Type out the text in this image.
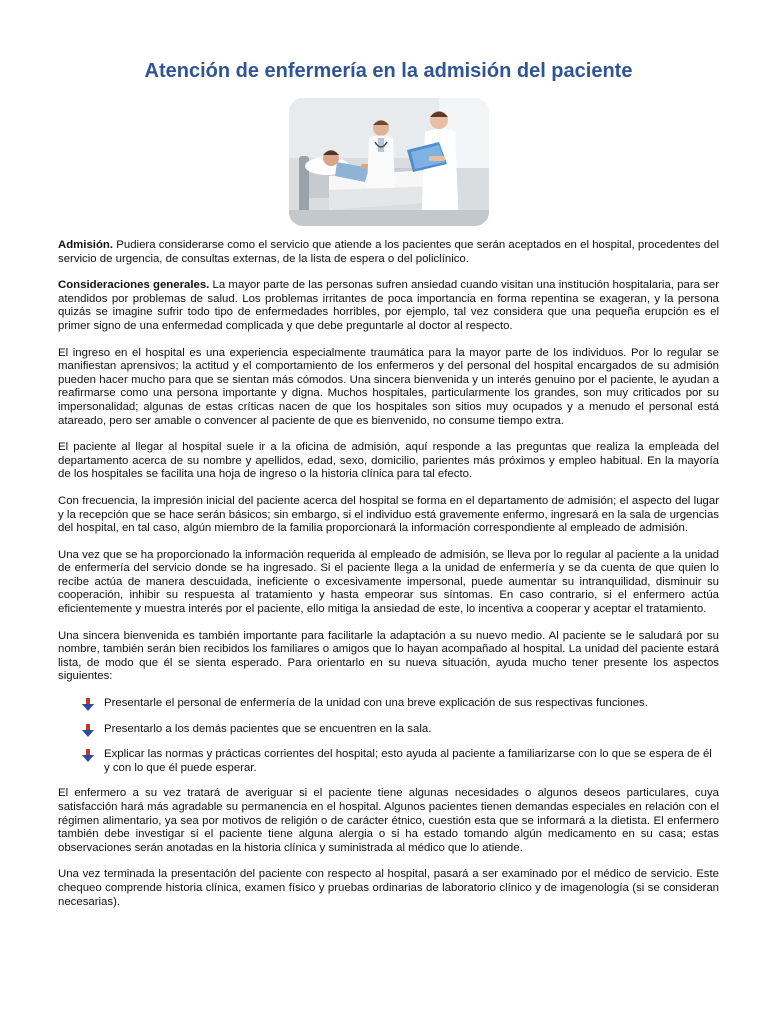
Atención de enfermería en la admisión del paciente

Admisión. Pudiera considerarse como el servicio que atiende a los pacientes que serán aceptados en el hospital, procedentes del servicio de urgencia, de consultas externas, de la lista de espera o del policlínico.

Consideraciones generales. La mayor parte de las personas sufren ansiedad cuando visitan una institución hospitalaria, para ser atendidos por problemas de salud. Los problemas irritantes de poca importancia en forma repentina se exageran, y la persona quizás se imagine sufrir todo tipo de enfermedades horribles, por ejemplo, tal vez considera que una pequeña erupción es el primer signo de una enfermedad complicada y que debe preguntarle al doctor al respecto.

El ingreso en el hospital es una experiencia especialmente traumática para la mayor parte de los individuos. Por lo regular se manifiestan aprensivos; la actitud y el comportamiento de los enfermeros y del personal del hospital encargados de su admisión pueden hacer mucho para que se sientan más cómodos. Una sincera bienvenida y un interés genuino por el paciente, le ayudan a reafirmarse como una persona importante y digna. Muchos hospitales, particularmente los grandes, son muy criticados por su impersonalidad; algunas de estas críticas nacen de que los hospitales son sitios muy ocupados y a menudo el personal está atareado, pero ser amable o convencer al paciente de que es bienvenido, no consume tiempo extra.

El paciente al llegar al hospital suele ir a la oficina de admisión, aquí responde a las preguntas que realiza la empleada del departamento acerca de su nombre y apellidos, edad, sexo, domicilio, parientes más próximos y empleo habitual. En la mayoría de los hospitales se facilita una hoja de ingreso o la historia clínica para tal efecto.

Con frecuencia, la impresión inicial del paciente acerca del hospital se forma en el departamento de admisión; el aspecto del lugar y la recepción que se hace serán básicos; sin embargo, si el individuo está gravemente enfermo, ingresará en la sala de urgencias del hospital, en tal caso, algún miembro de la familia proporcionará la información correspondiente al empleado de admisión.

Una vez que se ha proporcionado la información requerida al empleado de admisión, se lleva por lo regular al paciente a la unidad de enfermería del servicio donde se ha ingresado. Si el paciente llega a la unidad de enfermería y se da cuenta de que quien lo recibe actúa de manera descuidada, ineficiente o excesivamente impersonal, puede aumentar su intranquilidad, disminuir su cooperación, inhibir su respuesta al tratamiento y hasta empeorar sus síntomas. En caso contrario, si el enfermero actúa eficientemente y muestra interés por el paciente, ello mitiga la ansiedad de este, lo incentiva a cooperar y aceptar el tratamiento.

Una sincera bienvenida es también importante para facilitarle la adaptación a su nuevo medio. Al paciente se le saludará por su nombre, también serán bien recibidos los familiares o amigos que lo hayan acompañado al hospital. La unidad del paciente estará lista, de modo que él se sienta esperado. Para orientarlo en su nueva situación, ayuda mucho tener presente los aspectos siguientes:

Presentarle el personal de enfermería de la unidad con una breve explicación de sus respectivas funciones.
Presentarlo a los demás pacientes que se encuentren en la sala.
Explicar las normas y prácticas corrientes del hospital; esto ayuda al paciente a familiarizarse con lo que se espera de él y con lo que él puede esperar.

El enfermero a su vez tratará de averiguar si el paciente tiene algunas necesidades o algunos deseos particulares, cuya satisfacción hará más agradable su permanencia en el hospital. Algunos pacientes tienen demandas especiales en relación con el régimen alimentario, ya sea por motivos de religión o de carácter étnico, cuestión esta que se informará a la dietista. El enfermero también debe investigar si el paciente tiene alguna alergia o si ha estado tomando algún medicamento en su casa; estas observaciones serán anotadas en la historia clínica y suministrada al médico que lo atiende.

Una vez terminada la presentación del paciente con respecto al hospital, pasará a ser examinado por el médico de servicio. Este chequeo comprende historia clínica, examen físico y pruebas ordinarias de laboratorio clínico y de imagenología (si se consideran necesarias).
